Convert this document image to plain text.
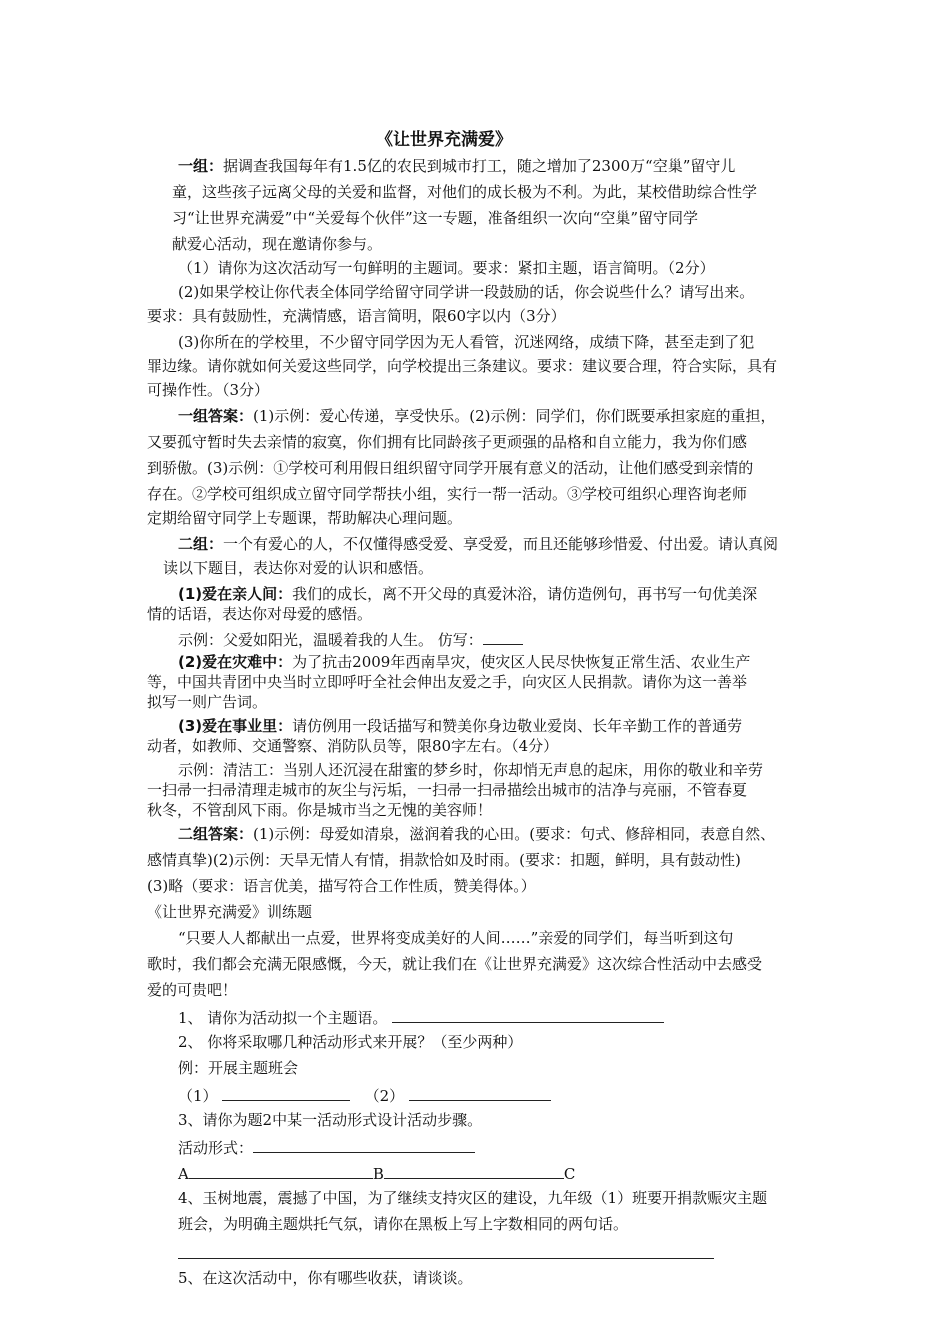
《让世界充满爱》
一组：据调查我国每年有1.5亿的农民到城市打工，随之增加了2300万“空巢”留守儿
童，这些孩子远离父母的关爱和监督，对他们的成长极为不利。为此，某校借助综合性学
习“让世界充满爱”中“关爱每个伙伴”这一专题，准备组织一次向“空巢”留守同学
献爱心活动，现在邀请你参与。
（1）请你为这次活动写一句鲜明的主题词。要求：紧扣主题，语言简明。（2分）
(2)如果学校让你代表全体同学给留守同学讲一段鼓励的话，你会说些什么？请写出来。
要求：具有鼓励性，充满情感，语言简明，限60字以内（3分）
(3)你所在的学校里，不少留守同学因为无人看管，沉迷网络，成绩下降，甚至走到了犯
罪边缘。请你就如何关爱这些同学，向学校提出三条建议。要求：建议要合理，符合实际，具有
可操作性。（3分）
一组答案：(1)示例：爱心传递，享受快乐。(2)示例：同学们，你们既要承担家庭的重担，
又要孤守暂时失去亲情的寂寞，你们拥有比同龄孩子更顽强的品格和自立能力，我为你们感
到骄傲。(3)示例：①学校可利用假日组织留守同学开展有意义的活动，让他们感受到亲情的
存在。②学校可组织成立留守同学帮扶小组，实行一帮一活动。③学校可组织心理咨询老师
定期给留守同学上专题课，帮助解决心理问题。
二组：一个有爱心的人，不仅懂得感受爱、享受爱，而且还能够珍惜爱、付出爱。请认真阅
读以下题目，表达你对爱的认识和感悟。
(1)爱在亲人间：我们的成长，离不开父母的真爱沐浴，请仿造例句，再书写一句优美深
情的话语，表达你对母爱的感悟。
示例：父爱如阳光，温暖着我的人生。 仿写：
(2)爱在灾难中：为了抗击2009年西南旱灾，使灾区人民尽快恢复正常生活、农业生产
等，中国共青团中央当时立即呼吁全社会伸出友爱之手，向灾区人民捐款。请你为这一善举
拟写一则广告词。
(3)爱在事业里：请仿例用一段话描写和赞美你身边敬业爱岗、长年辛勤工作的普通劳
动者，如教师、交通警察、消防队员等，限80字左右。（4分）
示例：清洁工：当别人还沉浸在甜蜜的梦乡时，你却悄无声息的起床，用你的敬业和辛劳
一扫帚一扫帚清理走城市的灰尘与污垢，一扫帚一扫帚描绘出城市的洁净与亮丽，不管春夏
秋冬，不管刮风下雨。你是城市当之无愧的美容师！
二组答案：(1)示例：母爱如清泉，滋润着我的心田。(要求：句式、修辞相同，表意自然、
感情真挚)(2)示例：天旱无情人有情，捐款恰如及时雨。(要求：扣题，鲜明，具有鼓动性)
(3)略（要求：语言优美，描写符合工作性质，赞美得体。）
《让世界充满爱》训练题
“只要人人都献出一点爱，世界将变成美好的人间……”亲爱的同学们，每当听到这句
歌时，我们都会充满无限感慨，今天，就让我们在《让世界充满爱》这次综合性活动中去感受
爱的可贵吧！
1、 请你为活动拟一个主题语。
2、 你将采取哪几种活动形式来开展？（至少两种）
例：开展主题班会
（1）	（2）
3、请你为题2中某一活动形式设计活动步骤。
活动形式：
A	B	C
4、玉树地震，震撼了中国，为了继续支持灾区的建设，九年级（1）班要开捐款赈灾主题
班会，为明确主题烘托气氛，请你在黑板上写上字数相同的两句话。
5、在这次活动中，你有哪些收获，请谈谈。
